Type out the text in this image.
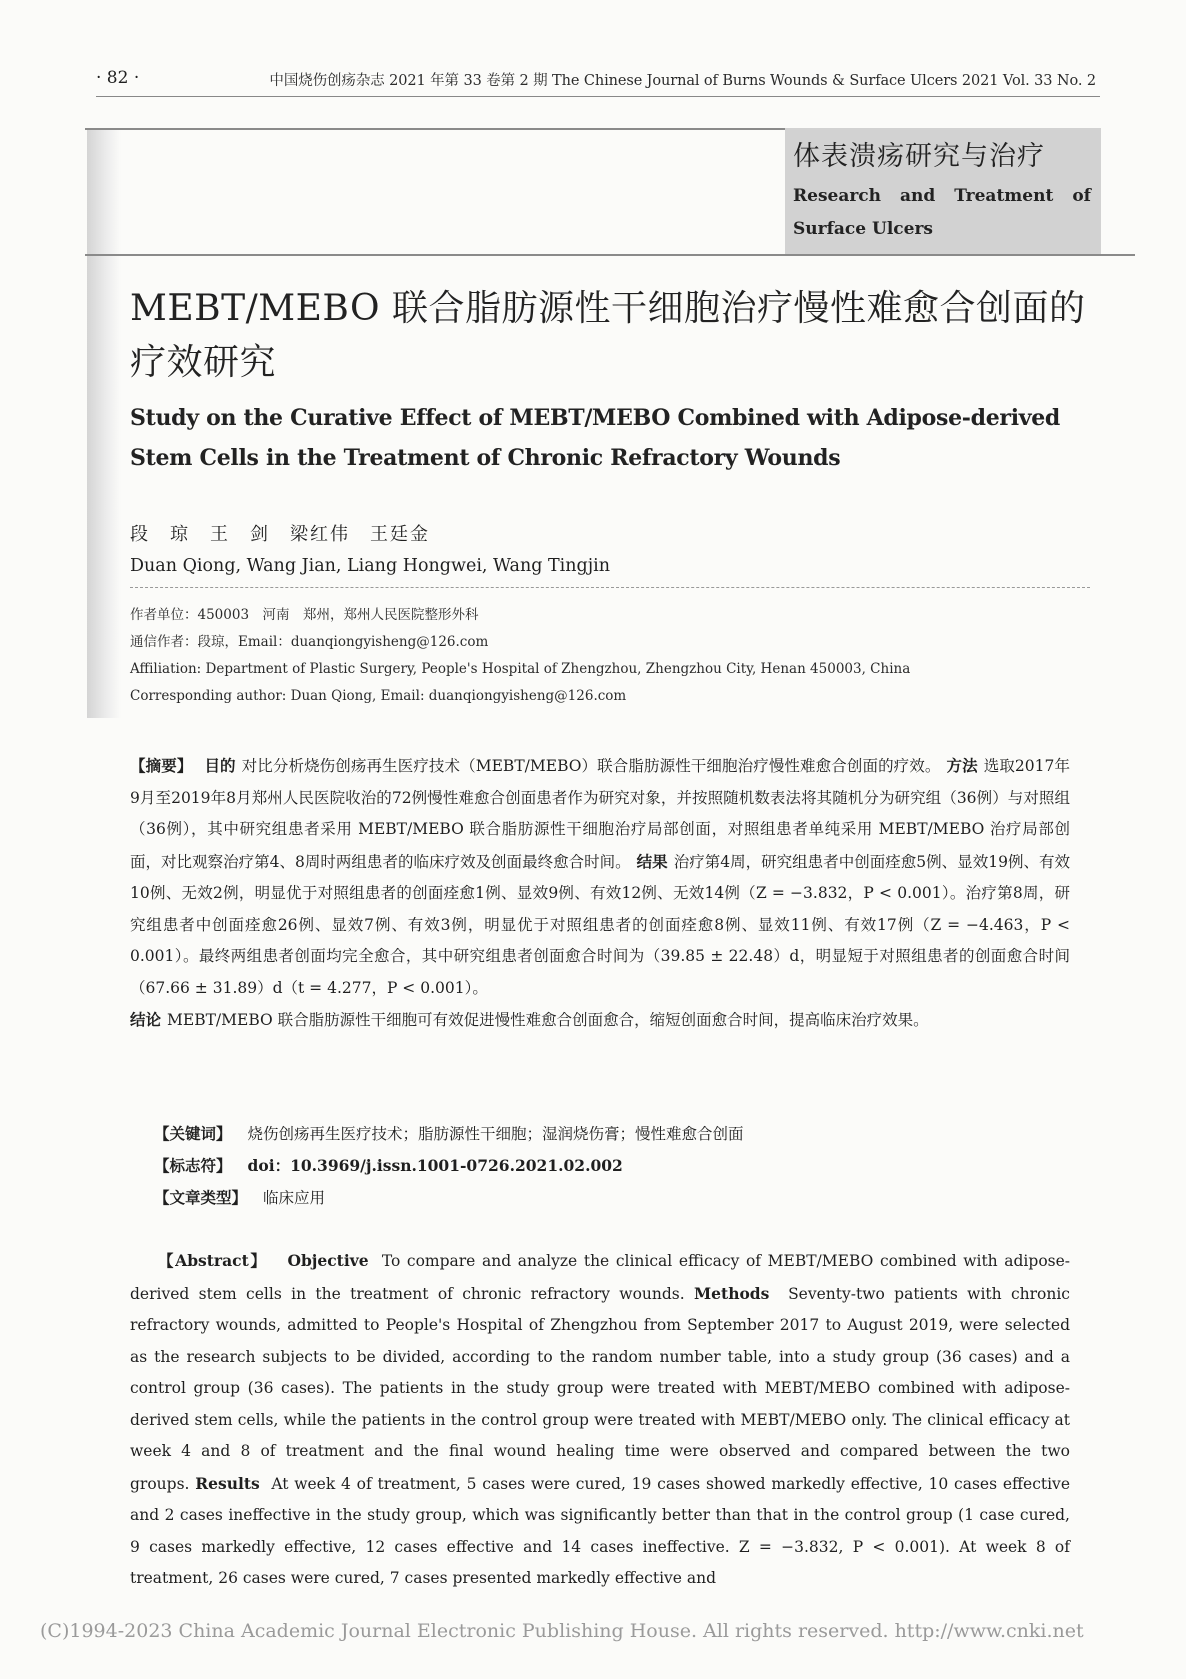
· 82 ·	中国烧伤创疡杂志 2021 年第 33 卷第 2 期 The Chinese Journal of Burns Wounds & Surface Ulcers 2021 Vol. 33 No. 2
体表溃疡研究与治疗
Research and Treatment of
Surface Ulcers
MEBT/MEBO 联合脂肪源性干细胞治疗慢性难愈合创面的疗效研究
Study on the Curative Effect of MEBT/MEBO Combined with Adipose-derived Stem Cells in the Treatment of Chronic Refractory Wounds
段　琼　王　剑　梁红伟　王廷金
Duan Qiong, Wang Jian, Liang Hongwei, Wang Tingjin
作者单位：450003　河南　郑州，郑州人民医院整形外科
通信作者：段琼，Email：duanqiongyisheng@126.com
Affiliation: Department of Plastic Surgery, People's Hospital of Zhengzhou, Zhengzhou City, Henan 450003, China
Corresponding author: Duan Qiong, Email: duanqiongyisheng@126.com
【摘要】 目的 对比分析烧伤创疡再生医疗技术（MEBT/MEBO）联合脂肪源性干细胞治疗慢性难愈合创面的疗效。 方法 选取2017年9月至2019年8月郑州人民医院收治的72例慢性难愈合创面患者作为研究对象，并按照随机数表法将其随机分为研究组（36例）与对照组（36例），其中研究组患者采用 MEBT/MEBO 联合脂肪源性干细胞治疗局部创面，对照组患者单纯采用 MEBT/MEBO 治疗局部创面，对比观察治疗第4、8周时两组患者的临床疗效及创面最终愈合时间。 结果 治疗第4周，研究组患者中创面痊愈5例、显效19例、有效10例、无效2例，明显优于对照组患者的创面痊愈1例、显效9例、有效12例、无效14例（Z = −3.832，P < 0.001）。治疗第8周，研究组患者中创面痊愈26例、显效7例、有效3例，明显优于对照组患者的创面痊愈8例、显效11例、有效17例（Z = −4.463，P < 0.001）。最终两组患者创面均完全愈合，其中研究组患者创面愈合时间为（39.85 ± 22.48）d，明显短于对照组患者的创面愈合时间（67.66 ± 31.89）d（t = 4.277，P < 0.001）。
结论 MEBT/MEBO 联合脂肪源性干细胞可有效促进慢性难愈合创面愈合，缩短创面愈合时间，提高临床治疗效果。
【关键词】 烧伤创疡再生医疗技术；脂肪源性干细胞；湿润烧伤膏；慢性难愈合创面
【标志符】 doi：10.3969/j.issn.1001-0726.2021.02.002
【文章类型】 临床应用
【Abstract】 Objective To compare and analyze the clinical efficacy of MEBT/MEBO combined with adipose-derived stem cells in the treatment of chronic refractory wounds. Methods Seventy-two patients with chronic refractory wounds, admitted to People's Hospital of Zhengzhou from September 2017 to August 2019, were selected as the research subjects to be divided, according to the random number table, into a study group (36 cases) and a control group (36 cases). The patients in the study group were treated with MEBT/MEBO combined with adipose-derived stem cells, while the patients in the control group were treated with MEBT/MEBO only. The clinical efficacy at week 4 and 8 of treatment and the final wound healing time were observed and compared between the two groups. Results At week 4 of treatment, 5 cases were cured, 19 cases showed markedly effective, 10 cases effective and 2 cases ineffective in the study group, which was significantly better than that in the control group (1 case cured, 9 cases markedly effective, 12 cases effective and 14 cases ineffective. Z = −3.832, P < 0.001). At week 8 of treatment, 26 cases were cured, 7 cases presented markedly effective and
(C)1994-2023 China Academic Journal Electronic Publishing House. All rights reserved. http://www.cnki.net
